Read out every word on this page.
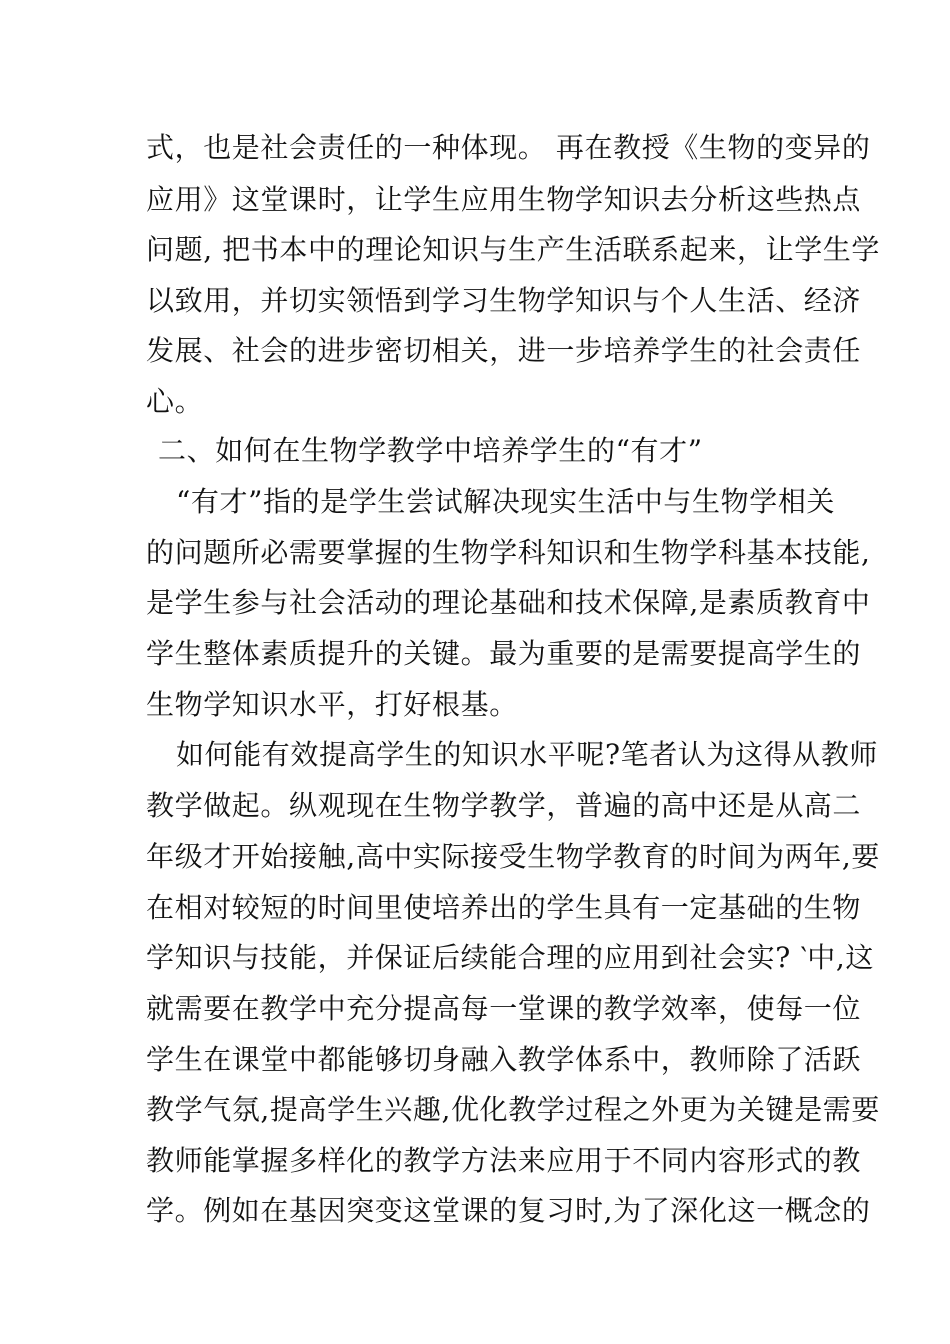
式，也是社会责任的一种体现。 再在教授《生物的变异的
应用》这堂课时，让学生应用生物学知识去分析这些热点
问题, 把书本中的理论知识与生产生活联系起来，让学生学
以致用，并切实领悟到学习生物学知识与个人生活、经济
发展、社会的进步密切相关，进一步培养学生的社会责任
心。
二、如何在生物学教学中培养学生的“有才”
“有才”指的是学生尝试解决现实生活中与生物学相关
的问题所必需要掌握的生物学科知识和生物学科基本技能,
是学生参与社会活动的理论基础和技术保障,是素质教育中
学生整体素质提升的关键。最为重要的是需要提高学生的
生物学知识水平，打好根基。
如何能有效提高学生的知识水平呢?笔者认为这得从教师
教学做起。纵观现在生物学教学，普遍的高中还是从高二
年级才开始接触,高中实际接受生物学教育的时间为两年,要
在相对较短的时间里使培养出的学生具有一定基础的生物
学知识与技能，并保证后续能合理的应用到社会实? ‵中,这
就需要在教学中充分提高每一堂课的教学效率，使每一位
学生在课堂中都能够切身融入教学体系中，教师除了活跃
教学气氛,提高学生兴趣,优化教学过程之外更为关键是需要
教师能掌握多样化的教学方法来应用于不同内容形式的教
学。例如在基因突变这堂课的复习时,为了深化这一概念的
